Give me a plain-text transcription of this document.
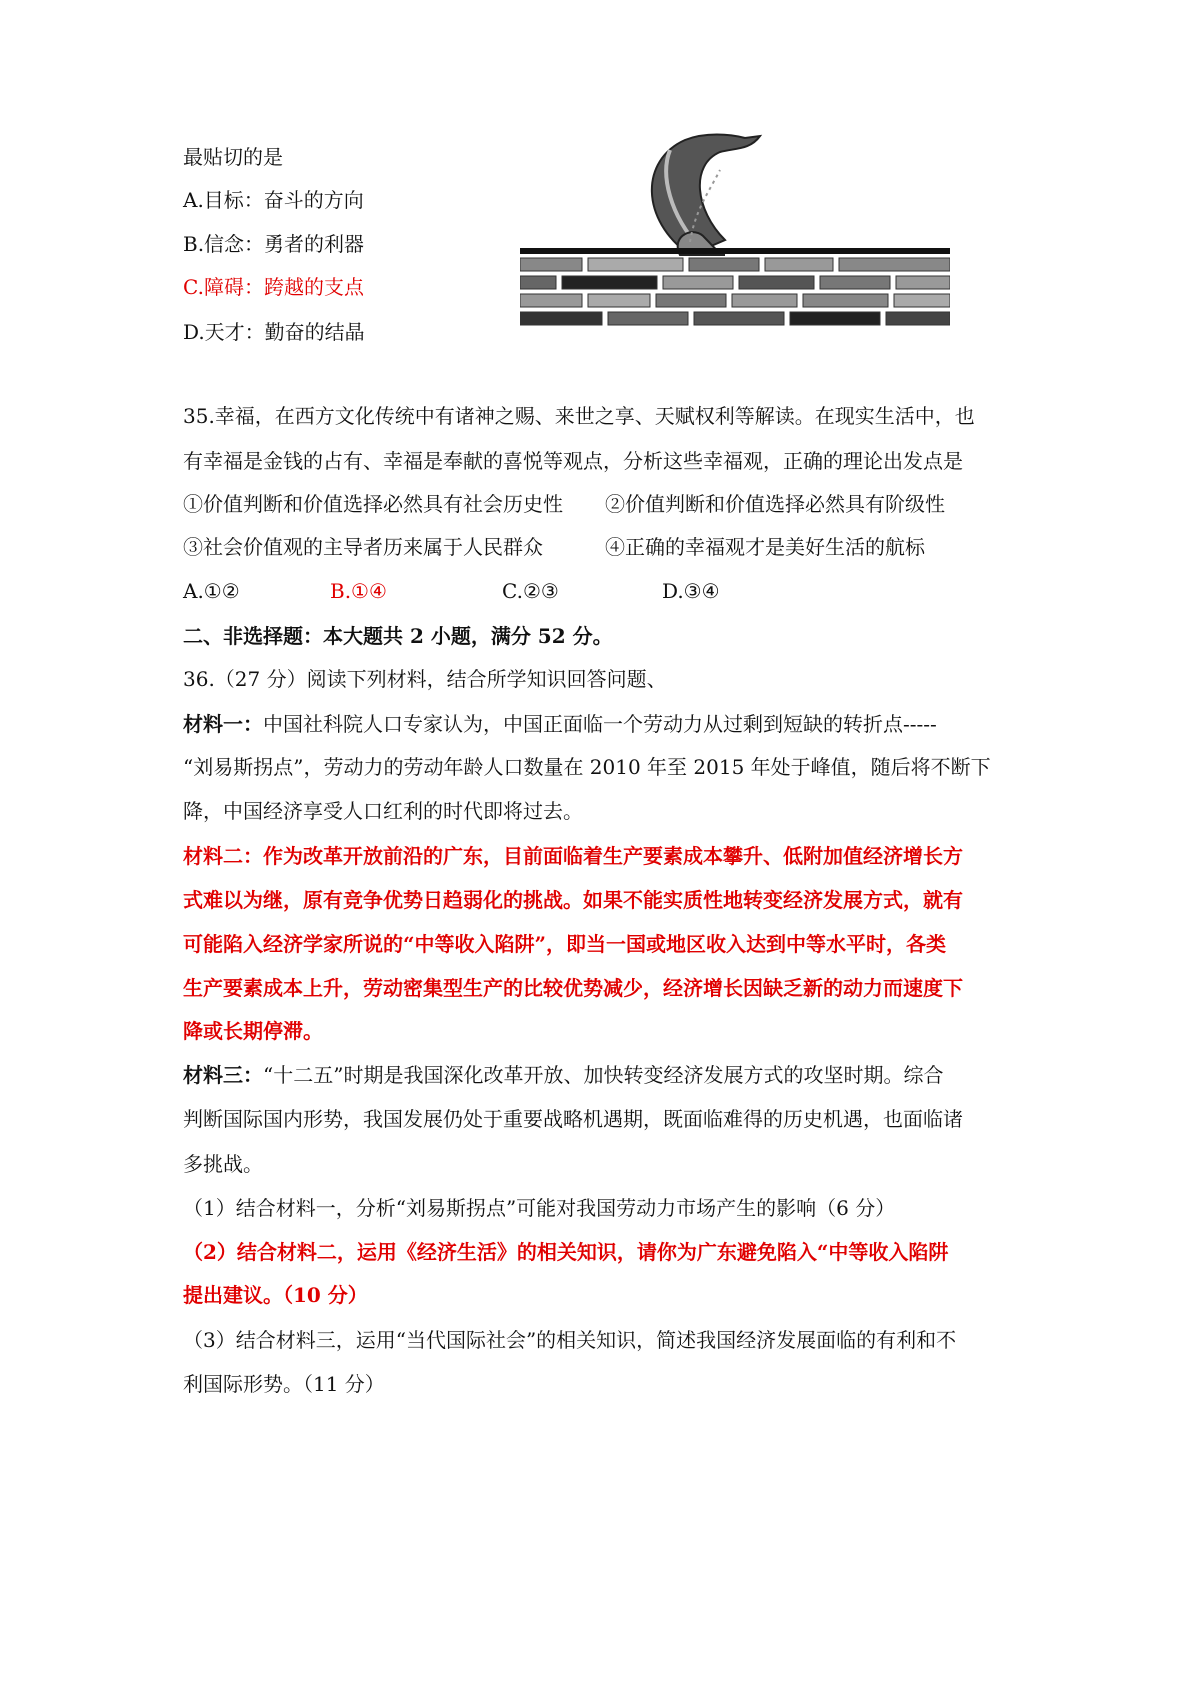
最贴切的是
A.目标：奋斗的方向
B.信念：勇者的利器
C.障碍：跨越的支点
D.天才：勤奋的结晶
35.幸福，在西方文化传统中有诸神之赐、来世之享、天赋权利等解读。在现实生活中，也
有幸福是金钱的占有、幸福是奉献的喜悦等观点，分析这些幸福观，正确的理论出发点是
①价值判断和价值选择必然具有社会历史性 ②价值判断和价值选择必然具有阶级性
③社会价值观的主导者历来属于人民群众	④正确的幸福观才是美好生活的航标
A.①②	B.①④	C.②③	D.③④
二、非选择题：本大题共 2 小题，满分 52 分。
36.（27 分）阅读下列材料，结合所学知识回答问题、
材料一：中国社科院人口专家认为，中国正面临一个劳动力从过剩到短缺的转折点-----
“刘易斯拐点”，劳动力的劳动年龄人口数量在 2010 年至 2015 年处于峰值，随后将不断下
降，中国经济享受人口红利的时代即将过去。
材料二：作为改革开放前沿的广东，目前面临着生产要素成本攀升、低附加值经济增长方
式难以为继，原有竞争优势日趋弱化的挑战。如果不能实质性地转变经济发展方式，就有
可能陷入经济学家所说的“中等收入陷阱”，即当一国或地区收入达到中等水平时，各类
生产要素成本上升，劳动密集型生产的比较优势减少，经济增长因缺乏新的动力而速度下
降或长期停滞。
材料三：“十二五”时期是我国深化改革开放、加快转变经济发展方式的攻坚时期。综合
判断国际国内形势，我国发展仍处于重要战略机遇期，既面临难得的历史机遇，也面临诸
多挑战。
（1）结合材料一，分析“刘易斯拐点”可能对我国劳动力市场产生的影响（6 分）
（2）结合材料二，运用《经济生活》的相关知识，请你为广东避免陷入“中等收入陷阱
提出建议。（10 分）
（3）结合材料三，运用“当代国际社会”的相关知识，简述我国经济发展面临的有利和不
利国际形势。（11 分）
